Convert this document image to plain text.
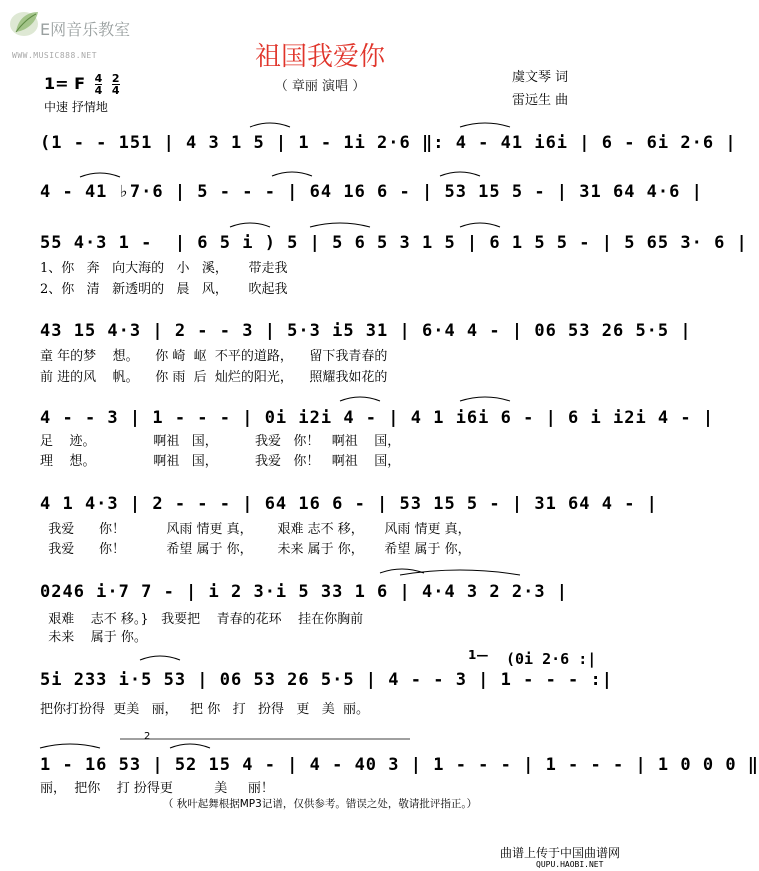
E网音乐教室
WWW.MUSIC888.NET	祖国我爱你
（ 章丽 演唱 ）
虞文琴 词
雷远生 曲
1= F $\frac{4}{4}$
$\frac{2}{4}$
中速 抒情地
(1 - - 151 | 4 3 1 5 | 1 - 1i 2·6 ‖: 4 - 41 i6i | 6 - 6i 2·6 |
4 - 41 ♭7·6 | 5 - - - | 64 16 6 - | 53 15 5 - | 31 64 4·6 |
55 4·3 1 -  | 6 5 i ) 5 | 5 6 5 3 1 5 | 6 1 5 5 - | 5 65 3· 6 |
1、你   奔   向大海的   小   溪，     带走我
2、你   清   新透明的   晨   风，     吹起我
43 15 4·3 | 2 - - 3 | 5·3 i5 31 | 6·4 4 - | 06 53 26 5·5 |
童 年的梦    想。    你 崎  岖  不平的道路，    留下我青春的
前 进的风    帆。    你 雨  后  灿烂的阳光，    照耀我如花的
4 - - 3 | 1 - - - | 0i i2i 4 - | 4 1 i6i 6 - | 6 i i2i 4 - |
足    迹。              啊祖   国，         我爱   你！   啊祖    国，
理    想。              啊祖   国，         我爱   你！   啊祖    国，
4 1 4·3 | 2 - - - | 64 16 6 - | 53 15 5 - | 31 64 4 - |
我爱      你！          风雨 情更 真，      艰难 志不 移，     风雨 情更 真，
我爱      你！          希望 属于 你，      未来 属于 你，     希望 属于 你，
0246 i·7 7 - | i 2 3·i 5 33 1 6 | 4·4 3 2 2·3 |
艰难    志不 移。}   我要把    青春的花环    挂在你胸前
未来    属于 你。
1— (0i 2·6 :|
5i 233 i·5 53 | 06 53 26 5·5 | 4 - - 3 | 1 - - - :|
把你打扮得  更美   丽，   把 你   打   扮得   更   美  丽。
2
1 - 16 53 | 52 15 4 - | 4 - 40 3 | 1 - - - | 1 - - - | 1 0 0 0 ‖
丽，  把你    打 扮得更          美     丽！
（ 秋叶起舞根据MP3记谱，仅供参考。错误之处，敬请批评指正。）
曲谱上传于中国曲谱网
QUPU.HAOBI.NET
